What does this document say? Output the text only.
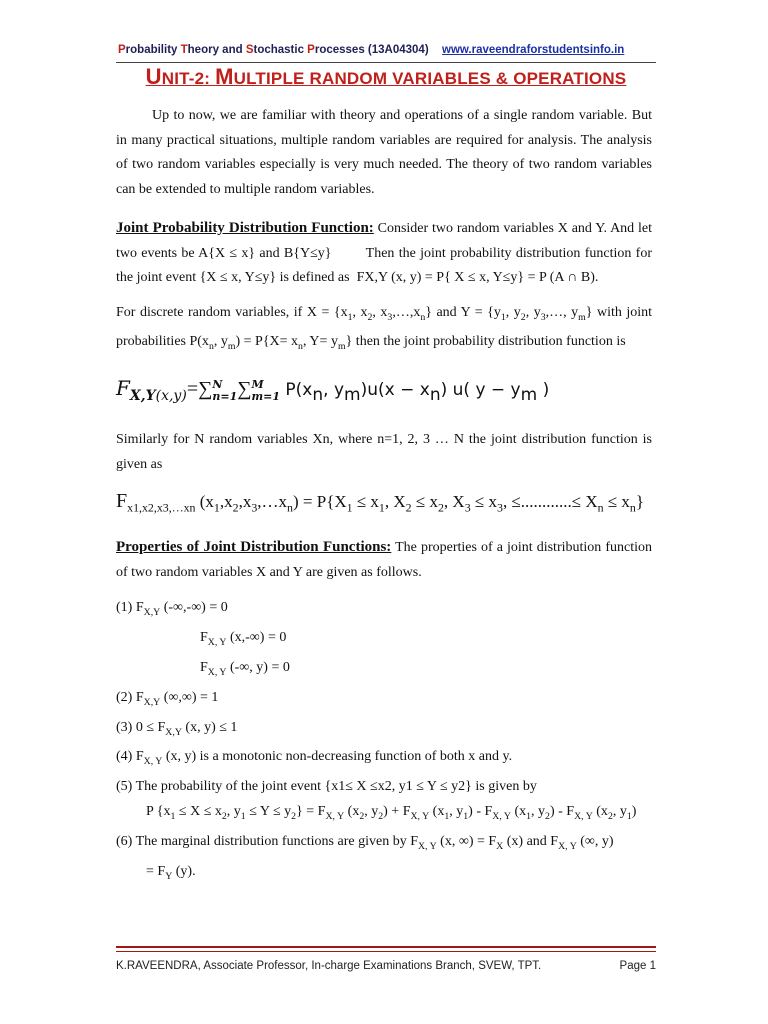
Probability Theory and Stochastic Processes (13A04304) www.raveendraforstudentsinfo.in
UNIT-2: MULTIPLE RANDOM VARIABLES & OPERATIONS

Up to now, we are familiar with theory and operations of a single random variable. But in many practical situations, multiple random variables are required for analysis. The analysis of two random variables especially is very much needed. The theory of two random variables can be extended to multiple random variables.

Joint Probability Distribution Function: Consider two random variables X and Y. And let two events be A{X ≤ x} and B{Y≤y}        Then the joint probability distribution function for the joint event {X ≤ x, Y≤y} is defined as  FX,Y (x, y) = P{ X ≤ x, Y≤y} = P (A ∩ B).

For discrete random variables, if $X = \{x_1$, $x_2$, $x_3,\dots,x_n$} and $Y = \{y_1$, $y_2$, $y_3,\dots$, $y_m$} with joint probabilities $P(x_n$, $y_m) = P\{X= x_n$, $Y= y_m$} then the joint probability distribution function is

$F_{X,Y(x,y)}=\sum N$
n=1∑M
m=1 $P(x_n$, $y_m)u(x - x_n)$ u( $y - y_m$ )

Similarly for N random variables Xn, where n=1, 2, 3 … N the joint distribution function is given as

$F_{x1,x2,x3,\dots xn}$ $(x_1,x_2,x_3,\dots x_n) = P\{X_1 \le x_1$, $X_2 \le x_2$, $X_3 \le x_3$, ≤............≤ $X_n \le x_n$}

Properties of Joint Distribution Functions: The properties of a joint distribution function of two random variables X and Y are given as follows.

(1) $F_{X,Y}$ (-∞,-∞) = 0
$F_{X, Y}$ (x,-∞) = 0
$F_{X, Y}$ (-∞, y) = 0
(2) $F_{X,Y}$ (∞,∞) = 1
(3) $0 \le F_{X,Y}$ (x, y) ≤ 1
(4) $F_{X, Y}$ (x, y) is a monotonic non-decreasing function of both x and y.
(5) The probability of the joint event {x1≤ X ≤x2, y1 ≤ Y ≤ y2} is given by
P {$x_1 \le X \le x_2$, $y_1 \le Y \le y_2\} = F_{X, Y}$ ($x_2$, $y_2) + F_{X, Y}$ ($x_1$, $y_1) - F_{X, Y}$ ($x_1$, $y_2) - F_{X, Y}$ ($x_2$, $y_1$)
(6) The marginal distribution functions are given by $F_{X, Y}$ (x, ∞) = $F_X$ (x) and $F_{X, Y}$ (∞, y)
= $F_Y$ (y).
K.RAVEENDRA, Associate Professor, In-charge Examinations Branch, SVEW, TPT.	Page 1
